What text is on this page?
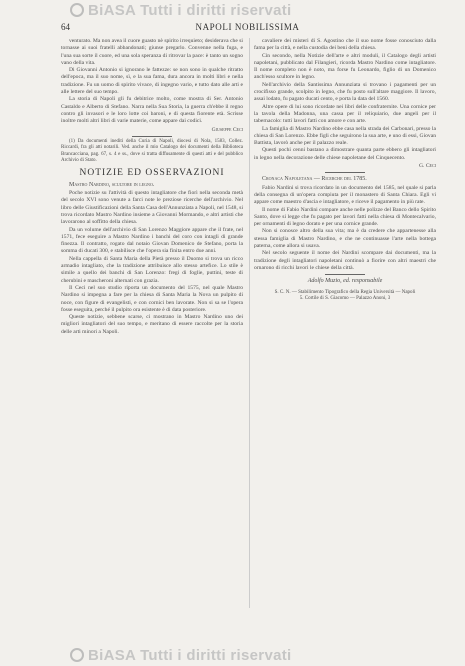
BiASA Tutti i diritti riservati
64	NAPOLI NOBILISSIMA

venturato. Ma non avea il cuore guasto nè spirito irrequieto; desiderava che si tornasse ai suoi fratelli abbandonati; giunse pregarlo. Convenne nella fuga, e l'una sua sorte il cuore, ed una sola speranza di ritrovar la pace: è tanto un sogno vano della vita.

Di Giovanni Antonio si ignorano le fattezze: se non sono in qualche ritratto dell'epoca, ma il suo nome, sì, e la sua fama, dura ancora in molti libri e nella tradizione. Fu un uomo di spirito vivace, di ingegno vario, e tutto dato alle arti e alle lettere del suo tempo.

La storia di Napoli gli fu debitrice molto, come mostra di Ser. Antonio Castaldo e Alberto di Stefano. Narra nella Sua Storia, la guerra ch'ebbe il regno contro gli invasori e le loro lotte coi baroni, e di questa fiorente età. Scrisse inoltre molti altri libri di varie materie, come appare dai codici.

Giuseppe Ceci

(1) Da documenti inediti della Curia di Napoli, diocesi di Nola, 1583, Collez. Riccardi, fra gli atti notarili. Ved. anche il mio Catalogo dei documenti della Biblioteca Brancacciana, pag. 67, s. 4 e ss., dove si tratta diffusamente di questi atti e del pubblico Archivio di Stato.

NOTIZIE ED OSSERVAZIONI
Mastro Nardino, scultore in legno.

Poche notizie su l'attività di questo intagliatore che fiorì nella seconda metà del secolo XVI sono venute a farci note le preziose ricerche dell'archivio. Nel libro delle Giustificazioni della Santa Casa dell'Annunziata a Napoli, nel 1548, si trova ricordato Mastro Nardino insieme a Giovanni Mormando, e altri artisti che lavorarono al soffitto della chiesa.

Da un volume dell'archivio di San Lorenzo Maggiore appare che il frate, nel 1571, fece eseguire a Mastro Nardino i banchi del coro con intagli di grande finezza. Il contratto, rogato dal notaio Giovan Domenico de Stefano, porta la somma di ducati 300, e stabilisce che l'opera sia finita entro due anni.

Nella cappella di Santa Maria della Pietà presso il Duomo si trova un ricco armadio intagliato, che la tradizione attribuisce allo stesso artefice. Lo stile è simile a quello dei banchi di San Lorenzo: fregi di foglie, puttini, teste di cherubini e mascheroni alternati con grazia.

Il Ceci nel suo studio riporta un documento del 1575, nel quale Mastro Nardino si impegna a fare per la chiesa di Santa Maria la Nova un pulpito di noce, con figure di evangelisti, e con cornici ben lavorate. Non si sa se l'opera fosse eseguita, perché il pulpito ora esistente è di data posteriore.

Queste notizie, sebbene scarse, ci mostrano in Mastro Nardino uno dei migliori intagliatori del suo tempo, e meritano di essere raccolte per la storia delle arti minori a Napoli.

cavaliere dei misteri di S. Agostino che il suo nome fosse conosciuto dalla fama per la città, e nella custodia dei beni della chiesa.

Cin secondo, nella Notizie dell'arte e altri moduli, il Catalogo degli artisti napoletani, pubblicato dal Filangieri, ricorda Mastro Nardino come intagliatore. Il nome completo non è noto, ma forse fu Leonardo, figlio di un Domenico anch'esso scultore in legno.

Nell'archivio della Santissima Annunziata si trovano i pagamenti per un crocifisso grande, scolpito in legno, che fu posto sull'altare maggiore. Il lavoro, assai lodato, fu pagato ducati cento, e porta la data del 1560.

Altre opere di lui sono ricordate nei libri delle confraternite. Una cornice per la tavola della Madonna, una cassa per il reliquiario, due angeli per il tabernacolo: tutti lavori fatti con amore e con arte.

La famiglia di Mastro Nardino ebbe casa nella strada dei Carbonari, presso la chiesa di San Lorenzo. Ebbe figli che seguirono la sua arte, e uno di essi, Giovan Battista, lavorò anche per il palazzo reale.

Questi pochi cenni bastano a dimostrare quanta parte ebbero gli intagliatori in legno nella decorazione delle chiese napoletane del Cinquecento.

G. Ceci
Cronaca Napoletana — Ricerche del 1785.

Fabio Nardini si trova ricordato in un documento del 1585, nel quale si parla della consegna di un'opera compiuta per il monastero di Santa Chiara. Egli vi appare come maestro d'ascia e intagliatore, e riceve il pagamento in più rate.

Il nome di Fabio Nardini compare anche nelle polizze del Banco dello Spirito Santo, dove si legge che fu pagato per lavori fatti nella chiesa di Montecalvario, per ornamenti di legno dorato e per una cornice grande.

Non si conosce altro della sua vita; ma è da credere che appartenesse alla stessa famiglia di Mastro Nardino, e che ne continuasse l'arte nella bottega paterna, come allora si usava.

Nel secolo seguente il nome dei Nardini scompare dai documenti, ma la tradizione degli intagliatori napoletani continuò a fiorire con altri maestri che ornarono di ricchi lavori le chiese della città.

Adolfo Muzio, ed. responsabile
S. C. N. — Stabilimento Tipografico della Regia Università — Napoli
5. Cortile di S. Giacomo — Palazzo Anoni, 3
BiASA Tutti i diritti riservati
